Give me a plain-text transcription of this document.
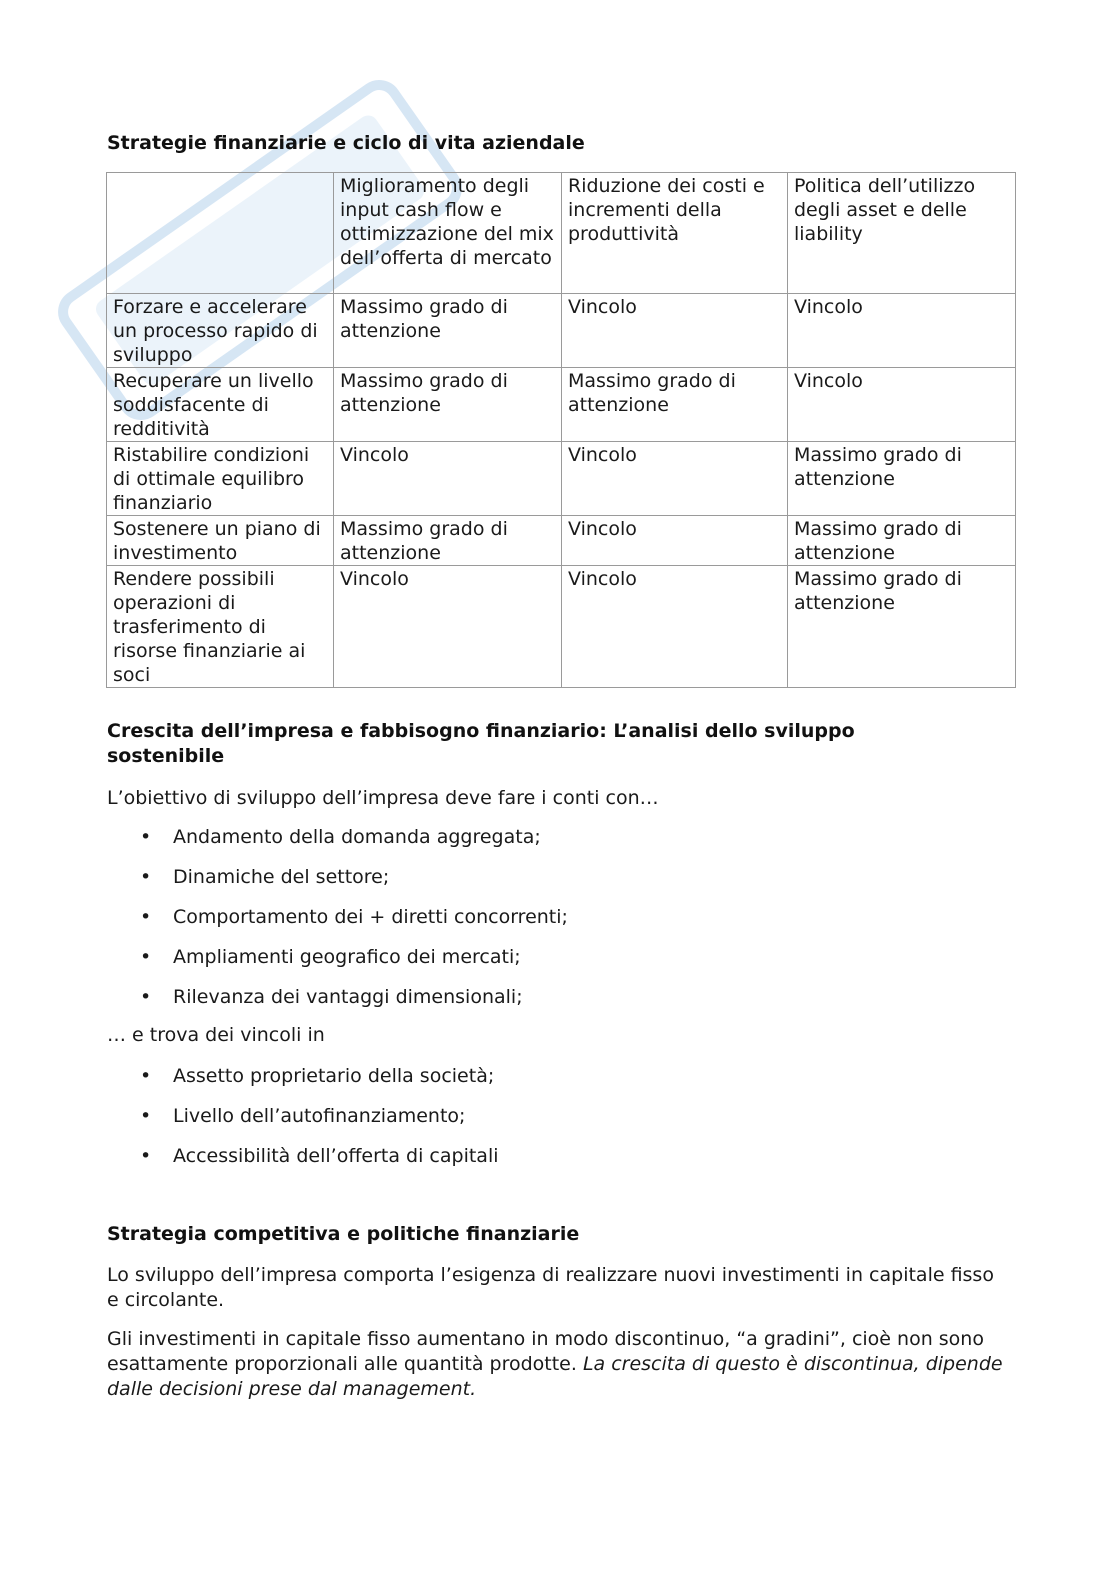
Strategie finanziarie e ciclo di vita aziendale
	Miglioramento degli input cash flow e ottimizzazione del mix dell’offerta di mercato	Riduzione dei costi e incrementi della produttività	Politica dell’utilizzo degli asset e delle liability
Forzare e accelerare un processo rapido di sviluppo	Massimo grado di attenzione	Vincolo	Vincolo
Recuperare un livello soddisfacente di redditività	Massimo grado di attenzione	Massimo grado di attenzione	Vincolo
Ristabilire condizioni di ottimale equilibro finanziario	Vincolo	Vincolo	Massimo grado di attenzione
Sostenere un piano di investimento	Massimo grado di attenzione	Vincolo	Massimo grado di attenzione
Rendere possibili operazioni di trasferimento di risorse finanziarie ai soci	Vincolo	Vincolo	Massimo grado di attenzione
Crescita dell’impresa e fabbisogno finanziario: L’analisi dello sviluppo sostenibile

L’obiettivo di sviluppo dell’impresa deve fare i conti con…

• Andamento della domanda aggregata;
• Dinamiche del settore;
• Comportamento dei + diretti concorrenti;
• Ampliamenti geografico dei mercati;
• Rilevanza dei vantaggi dimensionali;

… e trova dei vincoli in

• Assetto proprietario della società;
• Livello dell’autofinanziamento;
• Accessibilità dell’offerta di capitali
Strategia competitiva e politiche finanziarie

Lo sviluppo dell’impresa comporta l’esigenza di realizzare nuovi investimenti in capitale fisso e circolante.

Gli investimenti in capitale fisso aumentano in modo discontinuo, “a gradini”, cioè non sono esattamente proporzionali alle quantità prodotte. La crescita di questo è discontinua, dipende dalle decisioni prese dal management.
